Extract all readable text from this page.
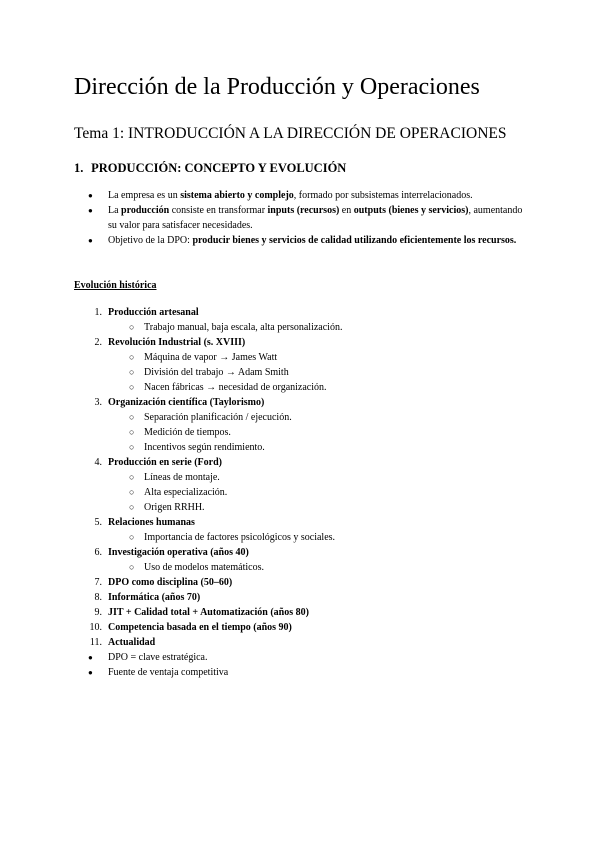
Dirección de la Producción y Operaciones
Tema 1: INTRODUCCIÓN A LA DIRECCIÓN DE OPERACIONES
1. PRODUCCIÓN: CONCEPTO Y EVOLUCIÓN
● La empresa es un sistema abierto y complejo, formado por subsistemas interrelacionados.
● La producción consiste en transformar inputs (recursos) en outputs (bienes y servicios), aumentando su valor para satisfacer necesidades.
● Objetivo de la DPO: producir bienes y servicios de calidad utilizando eficientemente los recursos.
Evolución histórica
1. Producción artesanal
○ Trabajo manual, baja escala, alta personalización.
2. Revolución Industrial (s. XVIII)
○ Máquina de vapor → James Watt
○ División del trabajo → Adam Smith
○ Nacen fábricas → necesidad de organización.
3. Organización científica (Taylorismo)
○ Separación planificación / ejecución.
○ Medición de tiempos.
○ Incentivos según rendimiento.
4. Producción en serie (Ford)
○ Líneas de montaje.
○ Alta especialización.
○ Origen RRHH.
5. Relaciones humanas
○ Importancia de factores psicológicos y sociales.
6. Investigación operativa (años 40)
○ Uso de modelos matemáticos.
7. DPO como disciplina (50–60)
8. Informática (años 70)
9. JIT + Calidad total + Automatización (años 80)
10. Competencia basada en el tiempo (años 90)
11. Actualidad
● DPO = clave estratégica.
● Fuente de ventaja competitiva
